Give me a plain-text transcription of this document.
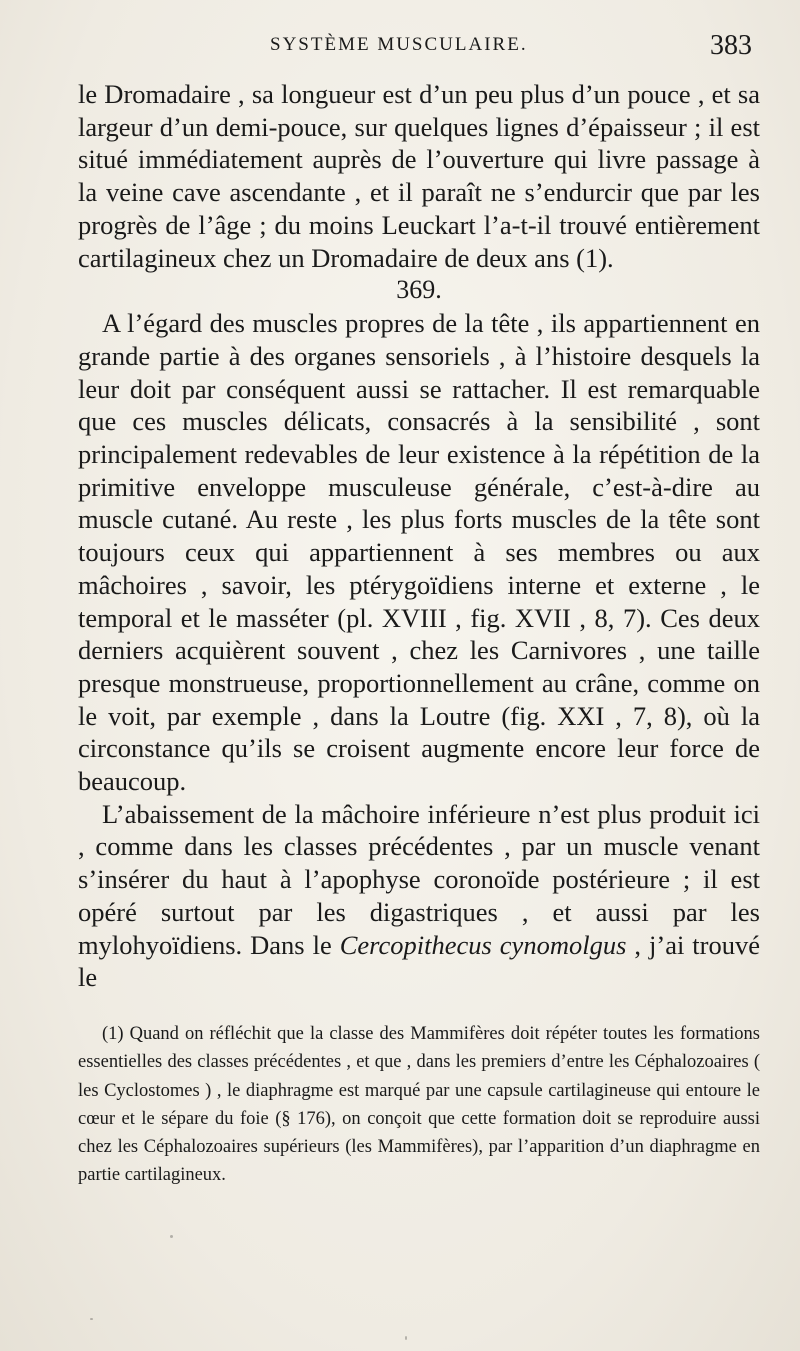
SYSTÈME MUSCULAIRE.	383

le Dromadaire , sa longueur est d’un peu plus d’un pouce , et sa largeur d’un demi-pouce, sur quelques lignes d’épaisseur ; il est situé immédiatement auprès de l’ouverture qui livre passage à la veine cave ascendante , et il paraît ne s’endurcir que par les progrès de l’âge ; du moins Leuckart l’a-t-il trouvé entièrement cartilagineux chez un Dromadaire de deux ans (1).

369.

A l’égard des muscles propres de la tête , ils appartiennent en grande partie à des organes sensoriels , à l’histoire desquels la leur doit par conséquent aussi se rattacher. Il est remarquable que ces muscles délicats, consacrés à la sensibilité , sont principalement redevables de leur existence à la répétition de la primitive enveloppe musculeuse générale, c’est-à-dire au muscle cutané. Au reste , les plus forts muscles de la tête sont toujours ceux qui appartiennent à ses membres ou aux mâchoires , savoir, les ptérygoïdiens interne et externe , le temporal et le masséter (pl. XVIII , fig. XVII , 8, 7). Ces deux derniers acquièrent souvent , chez les Carnivores , une taille presque monstrueuse, proportionnellement au crâne, comme on le voit, par exemple , dans la Loutre (fig. XXI , 7, 8), où la circonstance qu’ils se croisent augmente encore leur force de beaucoup.

L’abaissement de la mâchoire inférieure n’est plus produit ici , comme dans les classes précédentes , par un muscle venant s’insérer du haut à l’apophyse coronoïde postérieure ; il est opéré surtout par les digastriques , et aussi par les mylohyoïdiens. Dans le Cercopithecus cynomolgus , j’ai trouvé le

(1) Quand on réfléchit que la classe des Mammifères doit répéter toutes les formations essentielles des classes précédentes , et que , dans les premiers d’entre les Céphalozoaires ( les Cyclostomes ) , le diaphragme est marqué par une capsule cartilagineuse qui entoure le cœur et le sépare du foie (§ 176), on conçoit que cette formation doit se reproduire aussi chez les Céphalozoaires supérieurs (les Mammifères), par l’apparition d’un diaphragme en partie cartilagineux.
